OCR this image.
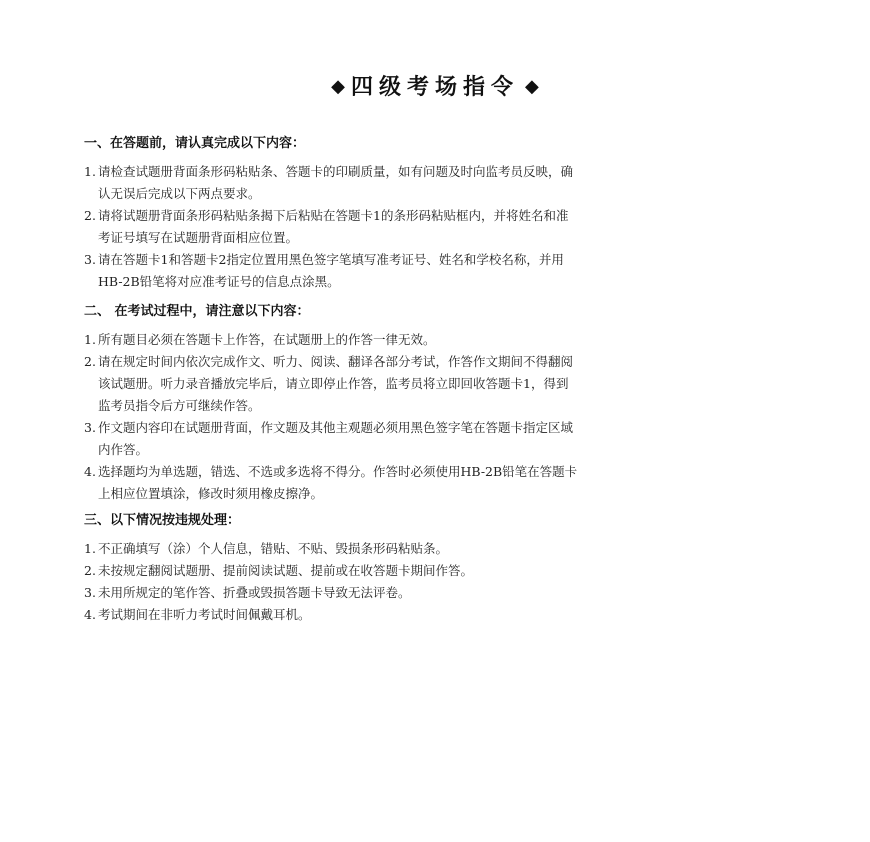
◆ 四级考场指令 ◆
一、在答题前，请认真完成以下内容：
1. 请检查试题册背面条形码粘贴条、答题卡的印刷质量，如有问题及时向监考员反映，确
认无误后完成以下两点要求。
2. 请将试题册背面条形码粘贴条揭下后粘贴在答题卡1的条形码粘贴框内，并将姓名和准
考证号填写在试题册背面相应位置。
3. 请在答题卡1和答题卡2指定位置用黑色签字笔填写准考证号、姓名和学校名称，并用
HB-2B铅笔将对应准考证号的信息点涂黑。
二、 在考试过程中，请注意以下内容：
1. 所有题目必须在答题卡上作答，在试题册上的作答一律无效。
2. 请在规定时间内依次完成作文、听力、阅读、翻译各部分考试，作答作文期间不得翻阅
该试题册。听力录音播放完毕后，请立即停止作答，监考员将立即回收答题卡1，得到
监考员指令后方可继续作答。
3. 作文题内容印在试题册背面，作文题及其他主观题必须用黑色签字笔在答题卡指定区域
内作答。
4. 选择题均为单选题，错选、不选或多选将不得分。作答时必须使用HB-2B铅笔在答题卡
上相应位置填涂，修改时须用橡皮擦净。
三、以下情况按违规处理：
1. 不正确填写（涂）个人信息，错贴、不贴、毁损条形码粘贴条。
2. 未按规定翻阅试题册、提前阅读试题、提前或在收答题卡期间作答。
3. 未用所规定的笔作答、折叠或毁损答题卡导致无法评卷。
4. 考试期间在非听力考试时间佩戴耳机。
